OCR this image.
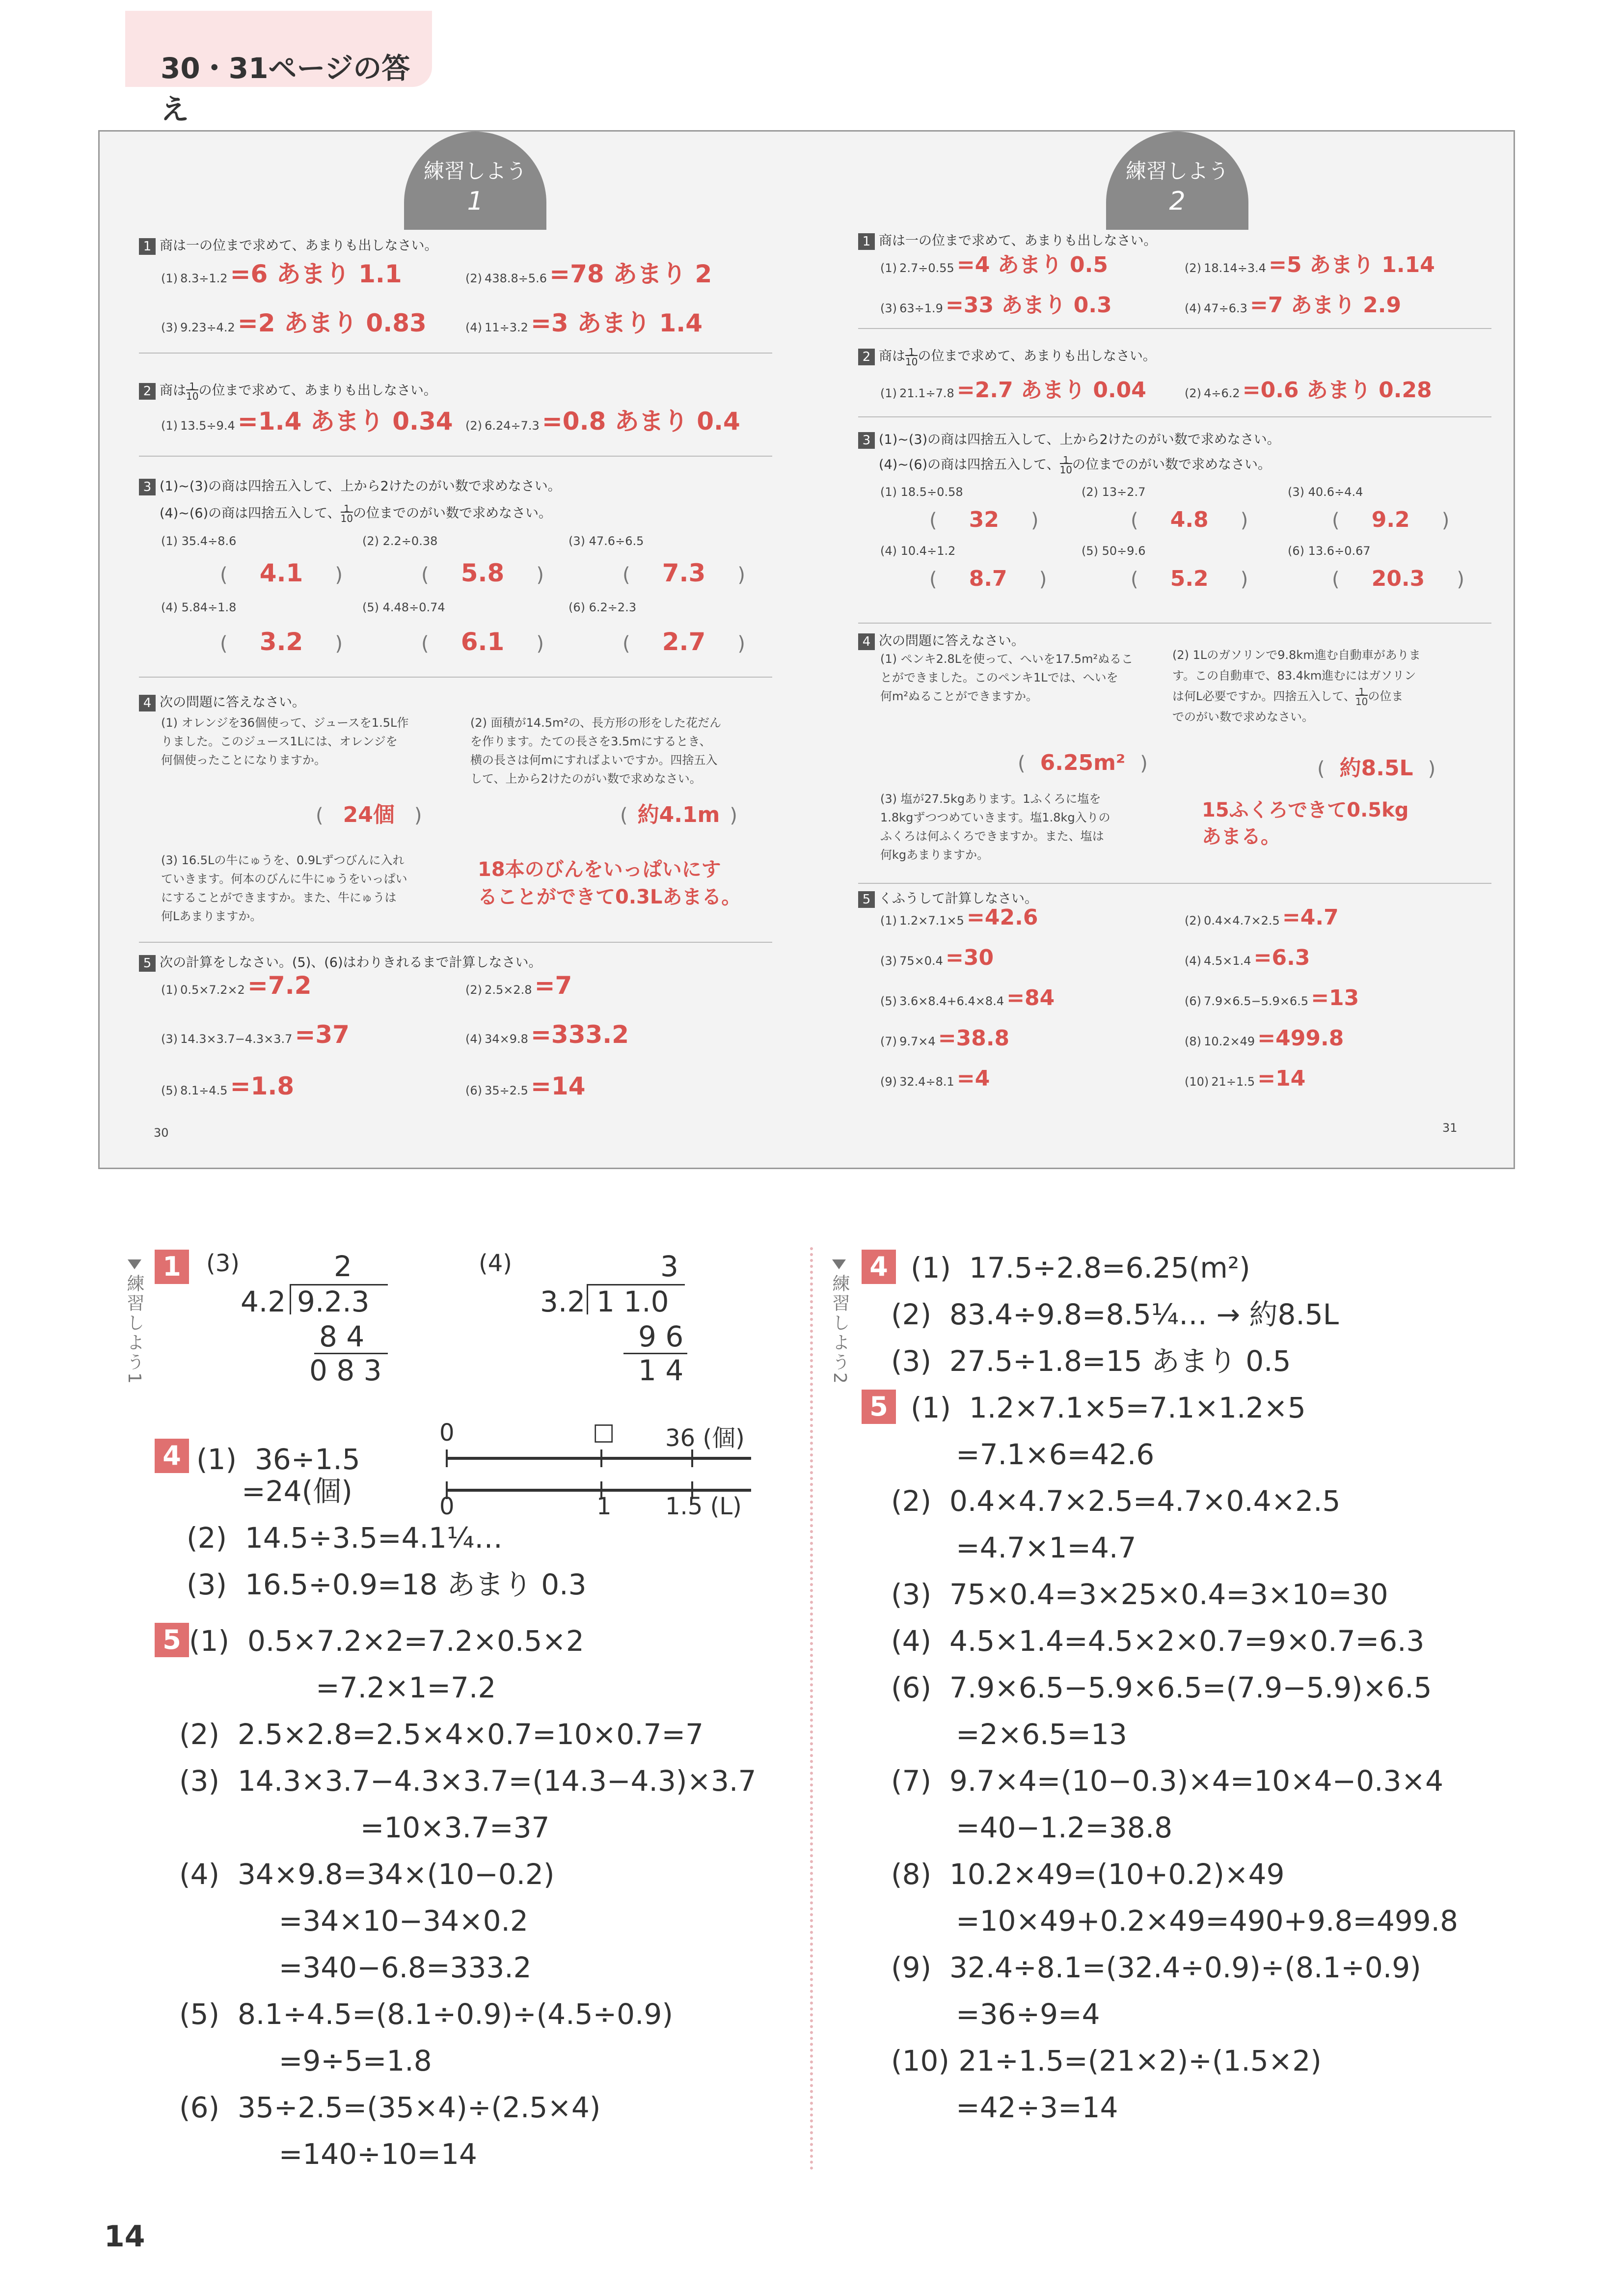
30・31ページの答え
練習しよう
1
1 商は一の位まで求めて、あまりも出しなさい。
(1) 8.3÷1.2 =6 あまり 1.1	(2) 438.8÷5.6 =78 あまり 2
(3) 9.23÷4.2 =2 あまり 0.83	(4) 11÷3.2 =3 あまり 1.4
2 商は$\frac{1}{10}$の位まで求めて、あまりも出しなさい。
(1) 13.5÷9.4 =1.4 あまり 0.34 (2) 6.24÷7.3 =0.8 あまり 0.4
3 (1)~(3)の商は四捨五入して、上から2けたのがい数で求めなさい。
(4)~(6)の商は四捨五入して、$\frac{1}{10}$の位までのがい数で求めなさい。
(1) 35.4÷8.6	(2) 2.2÷0.38	(3) 47.6÷6.5
( 4.1 )	( 5.8 )	( 7.3 )
(4) 5.84÷1.8	(5) 4.48÷0.74	(6) 6.2÷2.3
( 3.2 )	( 6.1 )	( 2.7 )
4 次の問題に答えなさい。
(1) オレンジを36個使って、ジュースを1.5L作
りました。このジュース1Lには、オレンジを
何個使ったことになりますか。
(2) 面積が14.5m²の、長方形の形をした花だん
を作ります。たての長さを3.5mにするとき、
横の長さは何mにすればよいですか。四捨五入
して、上から2けたのがい数で求めなさい。
( 24個 )	( 約4.1m )
(3) 16.5Lの牛にゅうを、0.9Lずつびんに入れ
ていきます。何本のびんに牛にゅうをいっぱい
にすることができますか。また、牛にゅうは
何Lあまりますか。
18本のびんをいっぱいにす
ることができて0.3Lあまる。
5 次の計算をしなさい。(5)、(6)はわりきれるまで計算しなさい。
(1) 0.5×7.2×2 =7.2	(2) 2.5×2.8 =7
(3) 14.3×3.7−4.3×3.7 =37	(4) 34×9.8 =333.2
(5) 8.1÷4.5 =1.8	(6) 35÷2.5 =14
30
練習しよう
2
1 商は一の位まで求めて、あまりも出しなさい。
(1) 2.7÷0.55 =4 あまり 0.5	(2) 18.14÷3.4 =5 あまり 1.14
(3) 63÷1.9 =33 あまり 0.3	(4) 47÷6.3 =7 あまり 2.9
2 商は$\frac{1}{10}$の位まで求めて、あまりも出しなさい。
(1) 21.1÷7.8 =2.7 あまり 0.04	(2) 4÷6.2 =0.6 あまり 0.28
3 (1)~(3)の商は四捨五入して、上から2けたのがい数で求めなさい。
(4)~(6)の商は四捨五入して、$\frac{1}{10}$の位までのがい数で求めなさい。
(1) 18.5÷0.58	(2) 13÷2.7	(3) 40.6÷4.4
( 32 )	( 4.8 )	( 9.2 )
(4) 10.4÷1.2	(5) 50÷9.6	(6) 13.6÷0.67
( 8.7 )	( 5.2 )	( 20.3 )
4 次の問題に答えなさい。
(1) ペンキ2.8Lを使って、へいを17.5m²ぬるこ
とができました。このペンキ1Lでは、へいを
何m²ぬることができますか。
(2) 1Lのガソリンで9.8km進む自動車がありま
す。この自動車で、83.4km進むにはガソリン
は何L必要ですか。四捨五入して、$\frac{1}{10}$の位ま
でのがい数で求めなさい。
( 6.25m² )	( 約8.5L )
(3) 塩が27.5kgあります。1ふくろに塩を
1.8kgずつつめていきます。塩1.8kg入りの
ふくろは何ふくろできますか。また、塩は
何kgあまりますか。
15ふくろできて0.5kg
あまる。
5 くふうして計算しなさい。
(1) 1.2×7.1×5 =42.6	(2) 0.4×4.7×2.5 =4.7
(3) 75×0.4 =30	(4) 4.5×1.4 =6.3
(5) 3.6×8.4+6.4×8.4 =84	(6) 7.9×6.5−5.9×6.5 =13
(7) 9.7×4 =38.8	(8) 10.2×49 =499.8
(9) 32.4÷8.1 =4	(10) 21÷1.5 =14
31
練習しよう1
1	(3)	(4)
2
4.2 9.2.3
8 4
0 8 3
3
3.2 1 1.0
9 6
1 4
4 (1)  36÷1.5
=24(個)
(2)  14.5÷3.5=4.1¼…
(3)  16.5÷0.9=18 あまり 0.3
0	□ 36 (個)
0	1 1.5 (L)
5 (1)  0.5×7.2×2=7.2×0.5×2
=7.2×1=7.2
(2)  2.5×2.8=2.5×4×0.7=10×0.7=7
(3)  14.3×3.7−4.3×3.7=(14.3−4.3)×3.7
=10×3.7=37
(4)  34×9.8=34×(10−0.2)
=34×10−34×0.2
=340−6.8=333.2
(5)  8.1÷4.5=(8.1÷0.9)÷(4.5÷0.9)
=9÷5=1.8
(6)  35÷2.5=(35×4)÷(2.5×4)
=140÷10=14
練習しよう2
4 (1)  17.5÷2.8=6.25(m²)
(2)  83.4÷9.8=8.5¼… → 約8.5L
(3)  27.5÷1.8=15 あまり 0.5
5 (1)  1.2×7.1×5=7.1×1.2×5
=7.1×6=42.6
(2)  0.4×4.7×2.5=4.7×0.4×2.5
=4.7×1=4.7
(3)  75×0.4=3×25×0.4=3×10=30
(4)  4.5×1.4=4.5×2×0.7=9×0.7=6.3
(6)  7.9×6.5−5.9×6.5=(7.9−5.9)×6.5
=2×6.5=13
(7)  9.7×4=(10−0.3)×4=10×4−0.3×4
=40−1.2=38.8
(8)  10.2×49=(10+0.2)×49
=10×49+0.2×49=490+9.8=499.8
(9)  32.4÷8.1=(32.4÷0.9)÷(8.1÷0.9)
=36÷9=4
(10) 21÷1.5=(21×2)÷(1.5×2)
=42÷3=14
14
